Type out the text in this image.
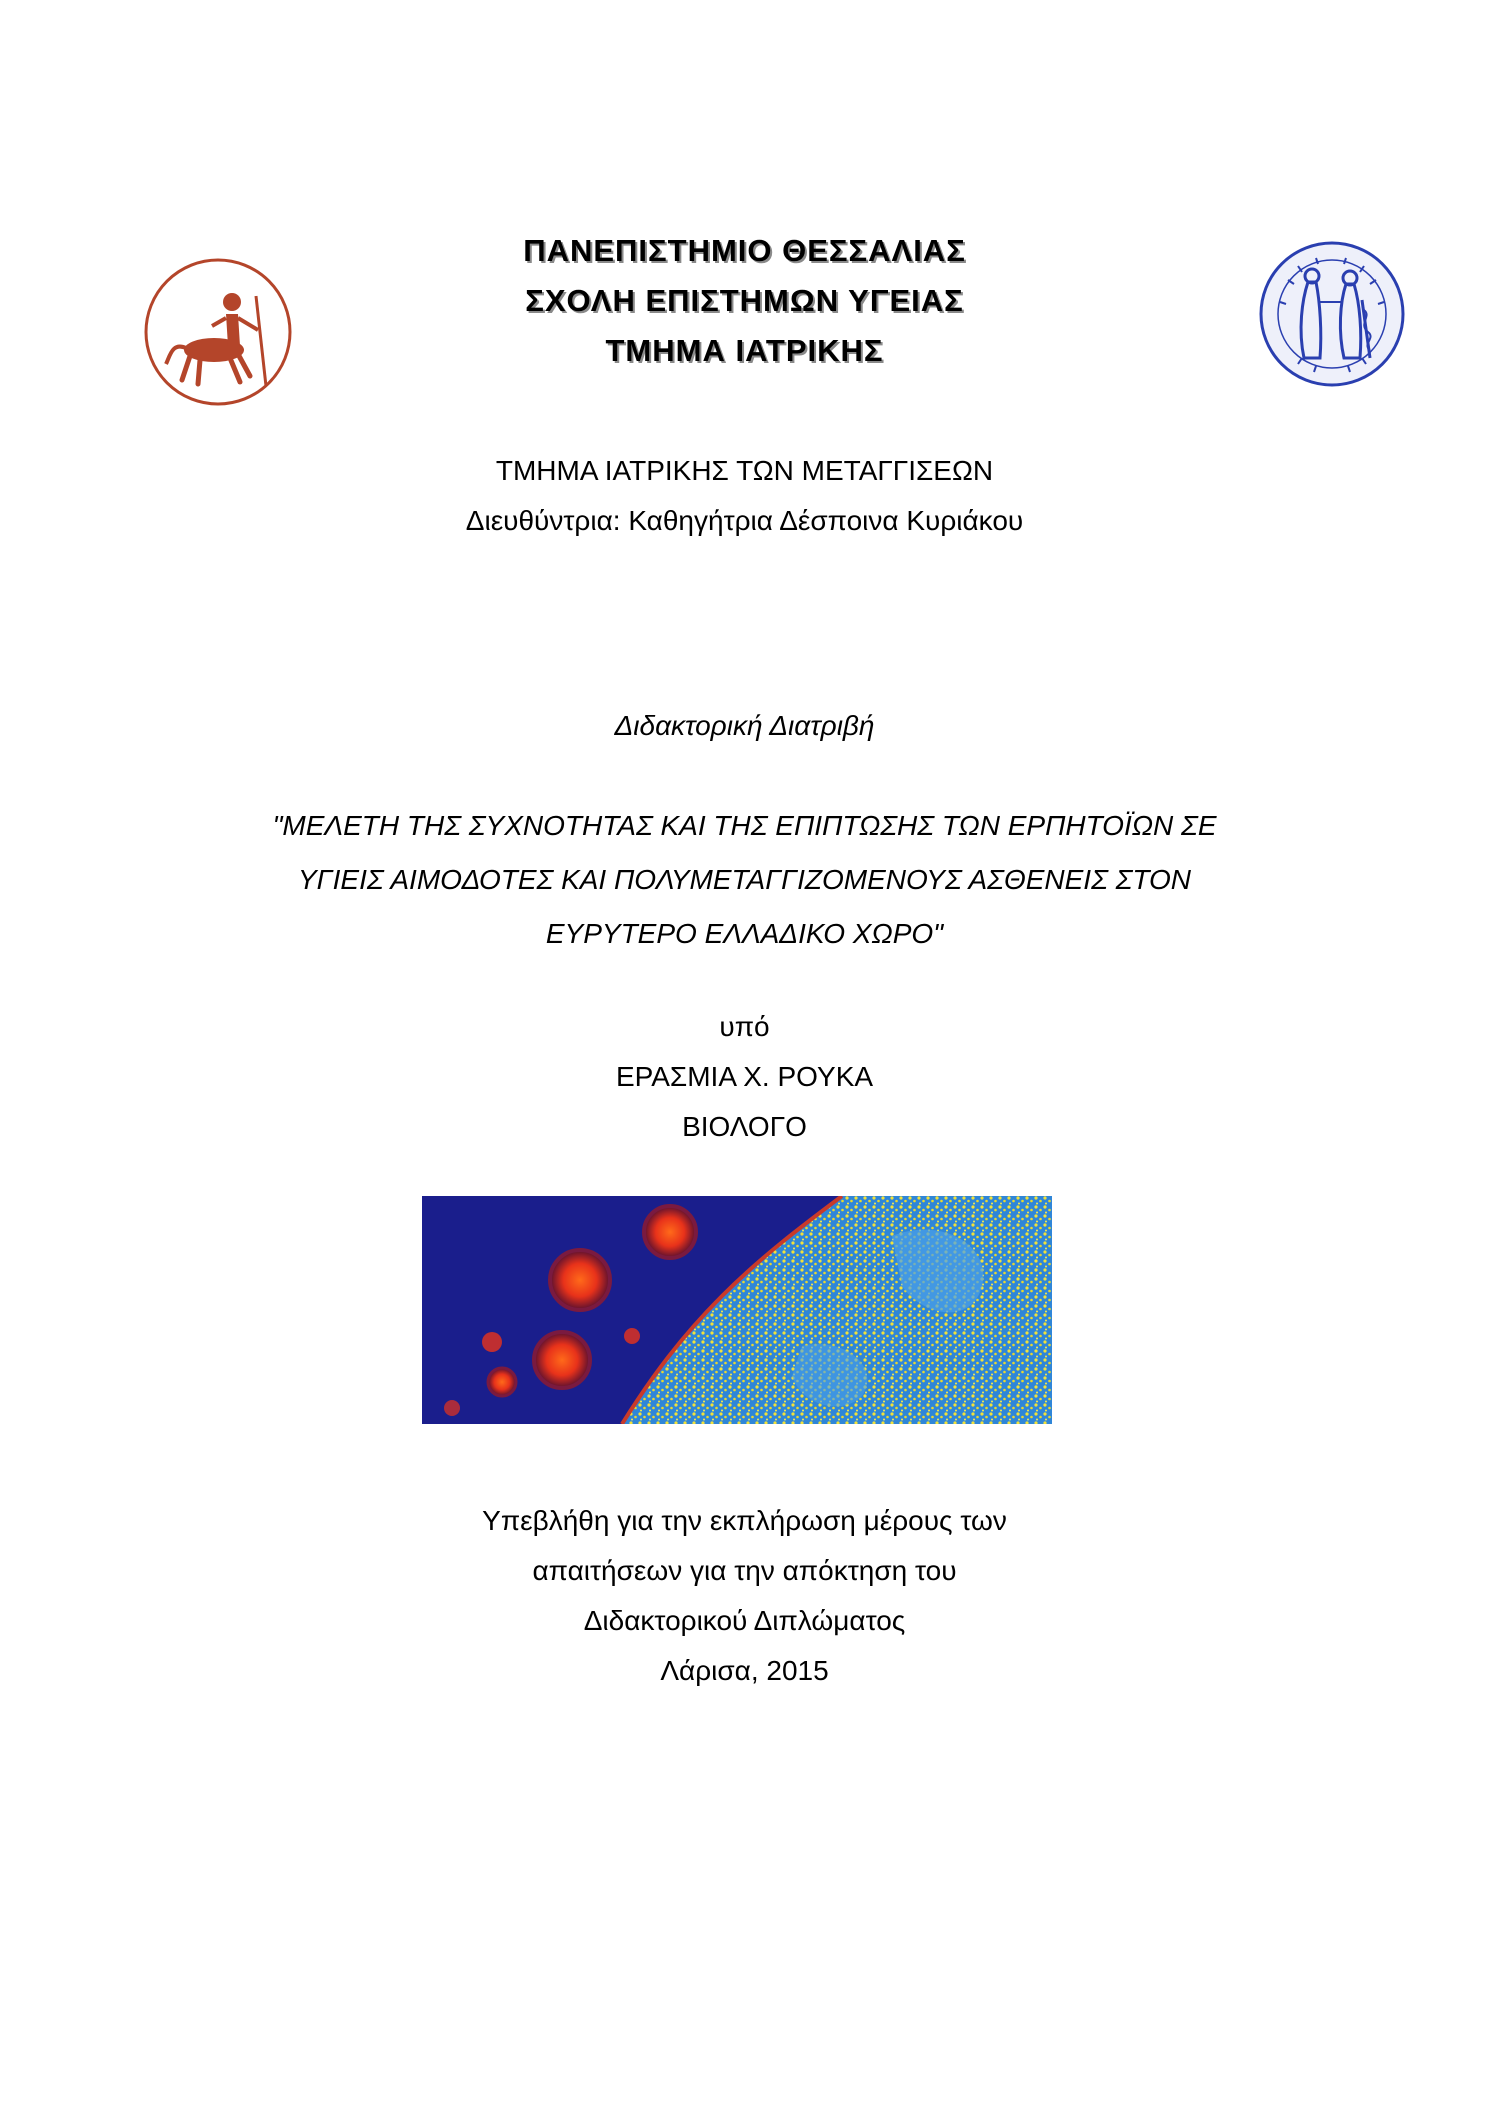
ΠΑΝΕΠΙΣΤΗΜΙΟ ΘΕΣΣΑΛΙΑΣ
ΣΧΟΛΗ ΕΠΙΣΤΗΜΩΝ ΥΓΕΙΑΣ
ΤΜΗΜΑ ΙΑΤΡΙΚΗΣ
ΤΜΗΜΑ ΙΑΤΡΙΚΗΣ ΤΩΝ ΜΕΤΑΓΓΙΣΕΩΝ
Διευθύντρια: Καθηγήτρια Δέσποινα Κυριάκου
Διδακτορική Διατριβή
"ΜΕΛΕΤΗ ΤΗΣ ΣΥΧΝΟΤΗΤΑΣ ΚΑΙ ΤΗΣ ΕΠΙΠΤΩΣΗΣ ΤΩΝ ΕΡΠΗΤΟΪΩΝ ΣΕ
ΥΓΙΕΙΣ ΑΙΜΟΔΟΤΕΣ ΚΑΙ ΠΟΛΥΜΕΤΑΓΓΙΖΟΜΕΝΟΥΣ ΑΣΘΕΝΕΙΣ ΣΤΟΝ
ΕΥΡΥΤΕΡΟ ΕΛΛΑΔΙΚΟ ΧΩΡΟ"
υπό
ΕΡΑΣΜΙΑ Χ. ΡΟΥΚΑ
ΒΙΟΛΟΓΟ
Υπεβλήθη για την εκπλήρωση μέρους των
απαιτήσεων για την απόκτηση του
Διδακτορικού Διπλώματος
Λάρισα, 2015
